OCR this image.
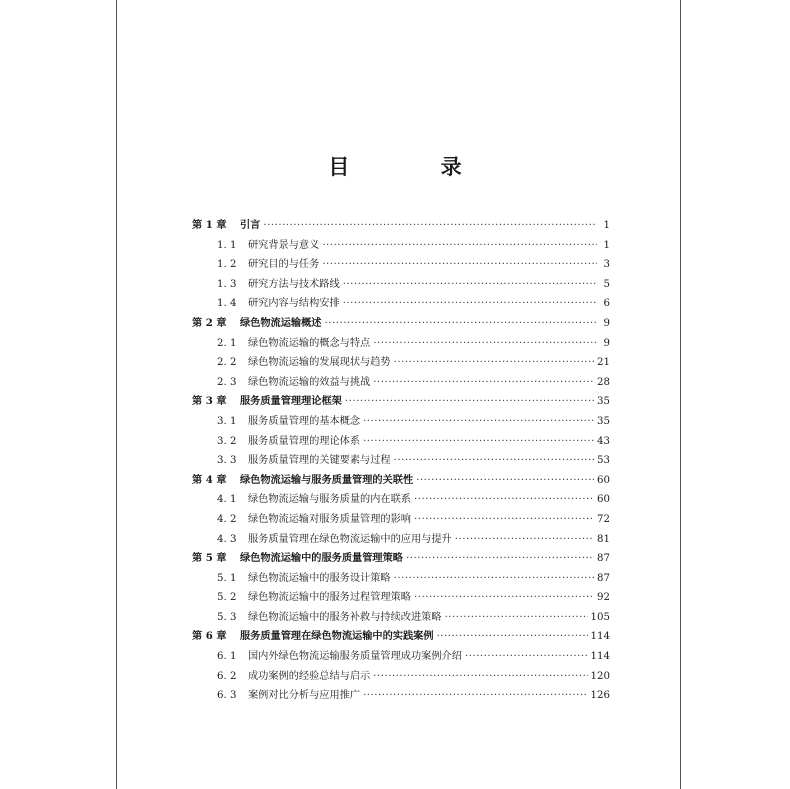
目 录
第 1 章	引言 ·····	1
1. 1	研究背景与意义 ·····	1
1. 2	研究目的与任务 ·····	3
1. 3	研究方法与技术路线 ·····	5
1. 4	研究内容与结构安排 ·····	6
第 2 章	绿色物流运输概述 ·····	9
2. 1	绿色物流运输的概念与特点 ·····	9
2. 2	绿色物流运输的发展现状与趋势 ·····	21
2. 3	绿色物流运输的效益与挑战 ·····	28
第 3 章	服务质量管理理论框架 ·····	35
3. 1	服务质量管理的基本概念 ·····	35
3. 2	服务质量管理的理论体系 ·····	43
3. 3	服务质量管理的关键要素与过程 ·····	53
第 4 章	绿色物流运输与服务质量管理的关联性 ·····	60
4. 1	绿色物流运输与服务质量的内在联系 ·····	60
4. 2	绿色物流运输对服务质量管理的影响 ·····	72
4. 3	服务质量管理在绿色物流运输中的应用与提升 ·····	81
第 5 章	绿色物流运输中的服务质量管理策略 ·····	87
5. 1	绿色物流运输中的服务设计策略 ·····	87
5. 2	绿色物流运输中的服务过程管理策略 ·····	92
5. 3	绿色物流运输中的服务补救与持续改进策略 ·····	105
第 6 章	服务质量管理在绿色物流运输中的实践案例 ·····	114
6. 1	国内外绿色物流运输服务质量管理成功案例介绍 ·····	114
6. 2	成功案例的经验总结与启示 ·····	120
6. 3	案例对比分析与应用推广 ·····	126
